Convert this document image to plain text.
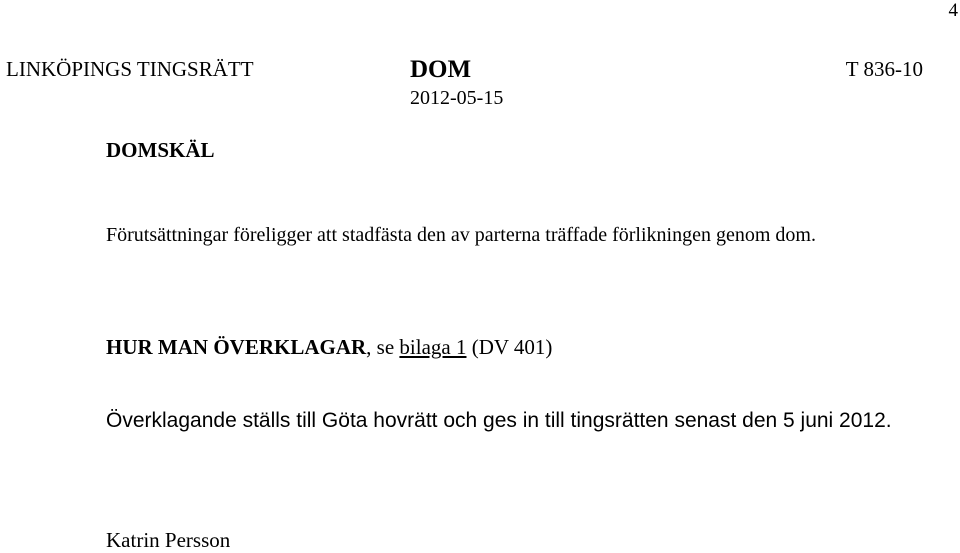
4
LINKÖPINGS TINGSRÄTT	DOM	T 836-10
2012-05-15
DOMSKÄL
Förutsättningar föreligger att stadfästa den av parterna träffade förlikningen genom dom.
HUR MAN ÖVERKLAGAR, se bilaga 1 (DV 401)
Överklagande ställs till Göta hovrätt och ges in till tingsrätten senast den 5 juni 2012.
Katrin Persson
